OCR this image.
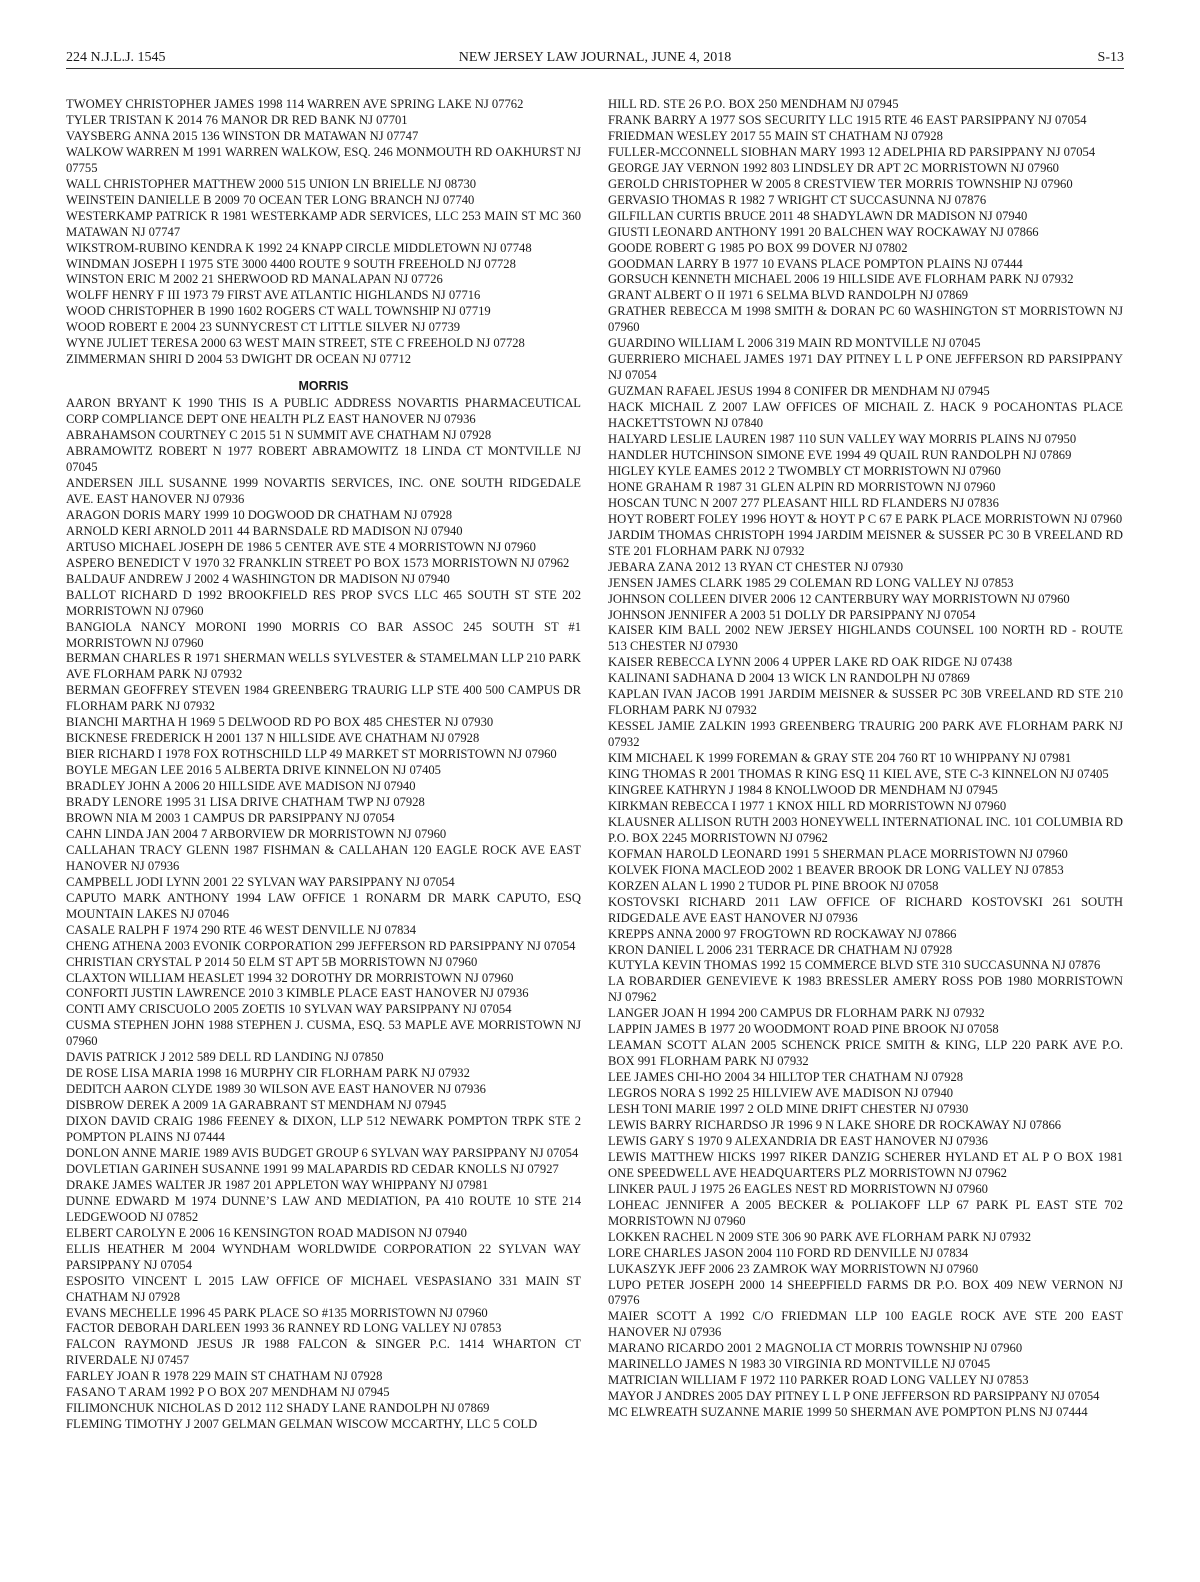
224 N.J.L.J. 1545	NEW JERSEY LAW JOURNAL, JUNE 4, 2018	S-13

TWOMEY CHRISTOPHER JAMES 1998 114 WARREN AVE SPRING LAKE NJ 07762

TYLER TRISTAN K 2014 76 MANOR DR RED BANK NJ 07701

VAYSBERG ANNA 2015 136 WINSTON DR MATAWAN NJ 07747

WALKOW WARREN M 1991 WARREN WALKOW, ESQ. 246 MONMOUTH RD OAKHURST NJ 07755

WALL CHRISTOPHER MATTHEW 2000 515 UNION LN BRIELLE NJ 08730

WEINSTEIN DANIELLE B 2009 70 OCEAN TER LONG BRANCH NJ 07740

WESTERKAMP PATRICK R 1981 WESTERKAMP ADR SERVICES, LLC 253 MAIN ST MC 360 MATAWAN NJ 07747

WIKSTROM-RUBINO KENDRA K 1992 24 KNAPP CIRCLE MIDDLETOWN NJ 07748

WINDMAN JOSEPH I 1975 STE 3000 4400 ROUTE 9 SOUTH FREEHOLD NJ 07728

WINSTON ERIC M 2002 21 SHERWOOD RD MANALAPAN NJ 07726

WOLFF HENRY F III 1973 79 FIRST AVE ATLANTIC HIGHLANDS NJ 07716

WOOD CHRISTOPHER B 1990 1602 ROGERS CT WALL TOWNSHIP NJ 07719

WOOD ROBERT E 2004 23 SUNNYCREST CT LITTLE SILVER NJ 07739

WYNE JULIET TERESA 2000 63 WEST MAIN STREET, STE C FREEHOLD NJ 07728

ZIMMERMAN SHIRI D 2004 53 DWIGHT DR OCEAN NJ 07712

MORRIS

AARON BRYANT K 1990 THIS IS A PUBLIC ADDRESS NOVARTIS PHARMACEUTICAL CORP COMPLIANCE DEPT ONE HEALTH PLZ EAST HANOVER NJ 07936

ABRAHAMSON COURTNEY C 2015 51 N SUMMIT AVE CHATHAM NJ 07928

ABRAMOWITZ ROBERT N 1977 ROBERT ABRAMOWITZ 18 LINDA CT MONTVILLE NJ 07045

ANDERSEN JILL SUSANNE 1999 NOVARTIS SERVICES, INC. ONE SOUTH RIDGEDALE AVE. EAST HANOVER NJ 07936

ARAGON DORIS MARY 1999 10 DOGWOOD DR CHATHAM NJ 07928

ARNOLD KERI ARNOLD 2011 44 BARNSDALE RD MADISON NJ 07940

ARTUSO MICHAEL JOSEPH DE 1986 5 CENTER AVE STE 4 MORRISTOWN NJ 07960

ASPERO BENEDICT V 1970 32 FRANKLIN STREET PO BOX 1573 MORRISTOWN NJ 07962

BALDAUF ANDREW J 2002 4 WASHINGTON DR MADISON NJ 07940

BALLOT RICHARD D 1992 BROOKFIELD RES PROP SVCS LLC 465 SOUTH ST STE 202 MORRISTOWN NJ 07960

BANGIOLA NANCY MORONI 1990 MORRIS CO BAR ASSOC 245 SOUTH ST #1 MORRISTOWN NJ 07960

BERMAN CHARLES R 1971 SHERMAN WELLS SYLVESTER & STAMELMAN LLP 210 PARK AVE FLORHAM PARK NJ 07932

BERMAN GEOFFREY STEVEN 1984 GREENBERG TRAURIG LLP STE 400 500 CAMPUS DR FLORHAM PARK NJ 07932

BIANCHI MARTHA H 1969 5 DELWOOD RD PO BOX 485 CHESTER NJ 07930

BICKNESE FREDERICK H 2001 137 N HILLSIDE AVE CHATHAM NJ 07928

BIER RICHARD I 1978 FOX ROTHSCHILD LLP 49 MARKET ST MORRISTOWN NJ 07960

BOYLE MEGAN LEE 2016 5 ALBERTA DRIVE KINNELON NJ 07405

BRADLEY JOHN A 2006 20 HILLSIDE AVE MADISON NJ 07940

BRADY LENORE 1995 31 LISA DRIVE CHATHAM TWP NJ 07928

BROWN NIA M 2003 1 CAMPUS DR PARSIPPANY NJ 07054

CAHN LINDA JAN 2004 7 ARBORVIEW DR MORRISTOWN NJ 07960

CALLAHAN TRACY GLENN 1987 FISHMAN & CALLAHAN 120 EAGLE ROCK AVE EAST HANOVER NJ 07936

CAMPBELL JODI LYNN 2001 22 SYLVAN WAY PARSIPPANY NJ 07054

CAPUTO MARK ANTHONY 1994 LAW OFFICE 1 RONARM DR MARK CAPUTO, ESQ MOUNTAIN LAKES NJ 07046

CASALE RALPH F 1974 290 RTE 46 WEST DENVILLE NJ 07834

CHENG ATHENA 2003 EVONIK CORPORATION 299 JEFFERSON RD PARSIPPANY NJ 07054

CHRISTIAN CRYSTAL P 2014 50 ELM ST APT 5B MORRISTOWN NJ 07960

CLAXTON WILLIAM HEASLET 1994 32 DOROTHY DR MORRISTOWN NJ 07960

CONFORTI JUSTIN LAWRENCE 2010 3 KIMBLE PLACE EAST HANOVER NJ 07936

CONTI AMY CRISCUOLO 2005 ZOETIS 10 SYLVAN WAY PARSIPPANY NJ 07054

CUSMA STEPHEN JOHN 1988 STEPHEN J. CUSMA, ESQ. 53 MAPLE AVE MORRISTOWN NJ 07960

DAVIS PATRICK J 2012 589 DELL RD LANDING NJ 07850

DE ROSE LISA MARIA 1998 16 MURPHY CIR FLORHAM PARK NJ 07932

DEDITCH AARON CLYDE 1989 30 WILSON AVE EAST HANOVER NJ 07936

DISBROW DEREK A 2009 1A GARABRANT ST MENDHAM NJ 07945

DIXON DAVID CRAIG 1986 FEENEY & DIXON, LLP 512 NEWARK POMPTON TRPK STE 2 POMPTON PLAINS NJ 07444

DONLON ANNE MARIE 1989 AVIS BUDGET GROUP 6 SYLVAN WAY PARSIPPANY NJ 07054

DOVLETIAN GARINEH SUSANNE 1991 99 MALAPARDIS RD CEDAR KNOLLS NJ 07927

DRAKE JAMES WALTER JR 1987 201 APPLETON WAY WHIPPANY NJ 07981

DUNNE EDWARD M 1974 DUNNE’S LAW AND MEDIATION, PA 410 ROUTE 10 STE 214 LEDGEWOOD NJ 07852

ELBERT CAROLYN E 2006 16 KENSINGTON ROAD MADISON NJ 07940

ELLIS HEATHER M 2004 WYNDHAM WORLDWIDE CORPORATION 22 SYLVAN WAY PARSIPPANY NJ 07054

ESPOSITO VINCENT L 2015 LAW OFFICE OF MICHAEL VESPASIANO 331 MAIN ST CHATHAM NJ 07928

EVANS MECHELLE 1996 45 PARK PLACE SO #135 MORRISTOWN NJ 07960

FACTOR DEBORAH DARLEEN 1993 36 RANNEY RD LONG VALLEY NJ 07853

FALCON RAYMOND JESUS JR 1988 FALCON & SINGER P.C. 1414 WHARTON CT RIVERDALE NJ 07457

FARLEY JOAN R 1978 229 MAIN ST CHATHAM NJ 07928

FASANO T ARAM 1992 P O BOX 207 MENDHAM NJ 07945

FILIMONCHUK NICHOLAS D 2012 112 SHADY LANE RANDOLPH NJ 07869

FLEMING TIMOTHY J 2007 GELMAN GELMAN WISCOW MCCARTHY, LLC 5 COLD

HILL RD. STE 26 P.O. BOX 250 MENDHAM NJ 07945

FRANK BARRY A 1977 SOS SECURITY LLC 1915 RTE 46 EAST PARSIPPANY NJ 07054

FRIEDMAN WESLEY 2017 55 MAIN ST CHATHAM NJ 07928

FULLER-MCCONNELL SIOBHAN MARY 1993 12 ADELPHIA RD PARSIPPANY NJ 07054

GEORGE JAY VERNON 1992 803 LINDSLEY DR APT 2C MORRISTOWN NJ 07960

GEROLD CHRISTOPHER W 2005 8 CRESTVIEW TER MORRIS TOWNSHIP NJ 07960

GERVASIO THOMAS R 1982 7 WRIGHT CT SUCCASUNNA NJ 07876

GILFILLAN CURTIS BRUCE 2011 48 SHADYLAWN DR MADISON NJ 07940

GIUSTI LEONARD ANTHONY 1991 20 BALCHEN WAY ROCKAWAY NJ 07866

GOODE ROBERT G 1985 PO BOX 99 DOVER NJ 07802

GOODMAN LARRY B 1977 10 EVANS PLACE POMPTON PLAINS NJ 07444

GORSUCH KENNETH MICHAEL 2006 19 HILLSIDE AVE FLORHAM PARK NJ 07932

GRANT ALBERT O II 1971 6 SELMA BLVD RANDOLPH NJ 07869

GRATHER REBECCA M 1998 SMITH & DORAN PC 60 WASHINGTON ST MORRISTOWN NJ 07960

GUARDINO WILLIAM L 2006 319 MAIN RD MONTVILLE NJ 07045

GUERRIERO MICHAEL JAMES 1971 DAY PITNEY L L P ONE JEFFERSON RD PARSIPPANY NJ 07054

GUZMAN RAFAEL JESUS 1994 8 CONIFER DR MENDHAM NJ 07945

HACK MICHAIL Z 2007 LAW OFFICES OF MICHAIL Z. HACK 9 POCAHONTAS PLACE HACKETTSTOWN NJ 07840

HALYARD LESLIE LAUREN 1987 110 SUN VALLEY WAY MORRIS PLAINS NJ 07950

HANDLER HUTCHINSON SIMONE EVE 1994 49 QUAIL RUN RANDOLPH NJ 07869

HIGLEY KYLE EAMES 2012 2 TWOMBLY CT MORRISTOWN NJ 07960

HONE GRAHAM R 1987 31 GLEN ALPIN RD MORRISTOWN NJ 07960

HOSCAN TUNC N 2007 277 PLEASANT HILL RD FLANDERS NJ 07836

HOYT ROBERT FOLEY 1996 HOYT & HOYT P C 67 E PARK PLACE MORRISTOWN NJ 07960

JARDIM THOMAS CHRISTOPH 1994 JARDIM MEISNER & SUSSER PC 30 B VREELAND RD STE 201 FLORHAM PARK NJ 07932

JEBARA ZANA 2012 13 RYAN CT CHESTER NJ 07930

JENSEN JAMES CLARK 1985 29 COLEMAN RD LONG VALLEY NJ 07853

JOHNSON COLLEEN DIVER 2006 12 CANTERBURY WAY MORRISTOWN NJ 07960

JOHNSON JENNIFER A 2003 51 DOLLY DR PARSIPPANY NJ 07054

KAISER KIM BALL 2002 NEW JERSEY HIGHLANDS COUNSEL 100 NORTH RD - ROUTE 513 CHESTER NJ 07930

KAISER REBECCA LYNN 2006 4 UPPER LAKE RD OAK RIDGE NJ 07438

KALINANI SADHANA D 2004 13 WICK LN RANDOLPH NJ 07869

KAPLAN IVAN JACOB 1991 JARDIM MEISNER & SUSSER PC 30B VREELAND RD STE 210 FLORHAM PARK NJ 07932

KESSEL JAMIE ZALKIN 1993 GREENBERG TRAURIG 200 PARK AVE FLORHAM PARK NJ 07932

KIM MICHAEL K 1999 FOREMAN & GRAY STE 204 760 RT 10 WHIPPANY NJ 07981

KING THOMAS R 2001 THOMAS R KING ESQ 11 KIEL AVE, STE C-3 KINNELON NJ 07405

KINGREE KATHRYN J 1984 8 KNOLLWOOD DR MENDHAM NJ 07945

KIRKMAN REBECCA I 1977 1 KNOX HILL RD MORRISTOWN NJ 07960

KLAUSNER ALLISON RUTH 2003 HONEYWELL INTERNATIONAL INC. 101 COLUMBIA RD P.O. BOX 2245 MORRISTOWN NJ 07962

KOFMAN HAROLD LEONARD 1991 5 SHERMAN PLACE MORRISTOWN NJ 07960

KOLVEK FIONA MACLEOD 2002 1 BEAVER BROOK DR LONG VALLEY NJ 07853

KORZEN ALAN L 1990 2 TUDOR PL PINE BROOK NJ 07058

KOSTOVSKI RICHARD 2011 LAW OFFICE OF RICHARD KOSTOVSKI 261 SOUTH RIDGEDALE AVE EAST HANOVER NJ 07936

KREPPS ANNA 2000 97 FROGTOWN RD ROCKAWAY NJ 07866

KRON DANIEL L 2006 231 TERRACE DR CHATHAM NJ 07928

KUTYLA KEVIN THOMAS 1992 15 COMMERCE BLVD STE 310 SUCCASUNNA NJ 07876

LA ROBARDIER GENEVIEVE K 1983 BRESSLER AMERY ROSS POB 1980 MORRISTOWN NJ 07962

LANGER JOAN H 1994 200 CAMPUS DR FLORHAM PARK NJ 07932

LAPPIN JAMES B 1977 20 WOODMONT ROAD PINE BROOK NJ 07058

LEAMAN SCOTT ALAN 2005 SCHENCK PRICE SMITH & KING, LLP 220 PARK AVE P.O. BOX 991 FLORHAM PARK NJ 07932

LEE JAMES CHI-HO 2004 34 HILLTOP TER CHATHAM NJ 07928

LEGROS NORA S 1992 25 HILLVIEW AVE MADISON NJ 07940

LESH TONI MARIE 1997 2 OLD MINE DRIFT CHESTER NJ 07930

LEWIS BARRY RICHARDSO JR 1996 9 N LAKE SHORE DR ROCKAWAY NJ 07866

LEWIS GARY S 1970 9 ALEXANDRIA DR EAST HANOVER NJ 07936

LEWIS MATTHEW HICKS 1997 RIKER DANZIG SCHERER HYLAND ET AL P O BOX 1981 ONE SPEEDWELL AVE HEADQUARTERS PLZ MORRISTOWN NJ 07962

LINKER PAUL J 1975 26 EAGLES NEST RD MORRISTOWN NJ 07960

LOHEAC JENNIFER A 2005 BECKER & POLIAKOFF LLP 67 PARK PL EAST STE 702 MORRISTOWN NJ 07960

LOKKEN RACHEL N 2009 STE 306 90 PARK AVE FLORHAM PARK NJ 07932

LORE CHARLES JASON 2004 110 FORD RD DENVILLE NJ 07834

LUKASZYK JEFF 2006 23 ZAMROK WAY MORRISTOWN NJ 07960

LUPO PETER JOSEPH 2000 14 SHEEPFIELD FARMS DR P.O. BOX 409 NEW VERNON NJ 07976

MAIER SCOTT A 1992 C/O FRIEDMAN LLP 100 EAGLE ROCK AVE STE 200 EAST HANOVER NJ 07936

MARANO RICARDO 2001 2 MAGNOLIA CT MORRIS TOWNSHIP NJ 07960

MARINELLO JAMES N 1983 30 VIRGINIA RD MONTVILLE NJ 07045

MATRICIAN WILLIAM F 1972 110 PARKER ROAD LONG VALLEY NJ 07853

MAYOR J ANDRES 2005 DAY PITNEY L L P ONE JEFFERSON RD PARSIPPANY NJ 07054

MC ELWREATH SUZANNE MARIE 1999 50 SHERMAN AVE POMPTON PLNS NJ 07444
